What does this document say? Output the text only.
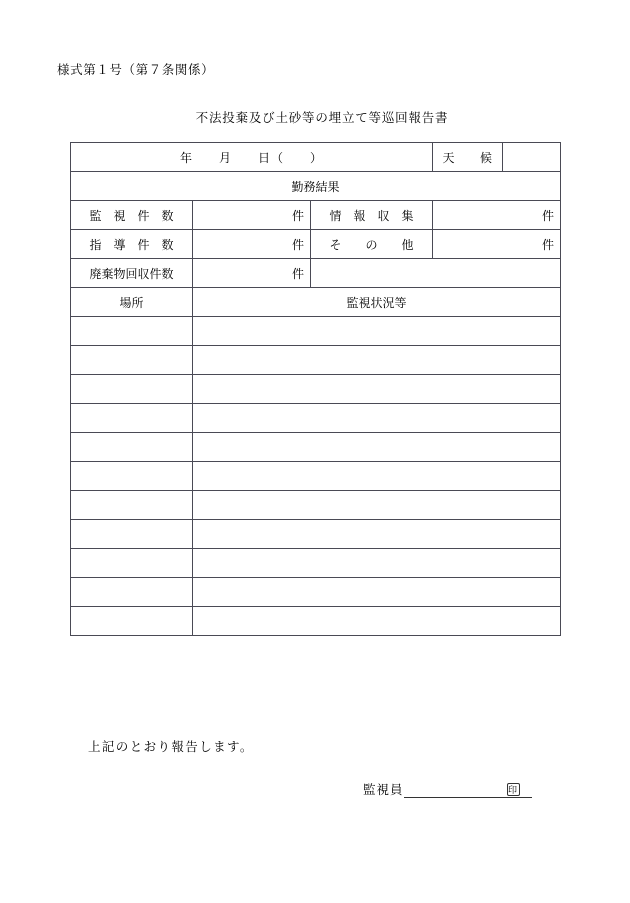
様式第１号（第７条関係）
不法投棄及び土砂等の埋立て等巡回報告書
年　　月　　日（　　）			天　　候	
勤務結果				
監　視　件　数	件	情　報　収　集	件	
指　導　件　数	件	そ　　の　　他	件	
廃棄物回収件数	件			
場所	監視状況等			

上記のとおり報告します。
監視員	印
